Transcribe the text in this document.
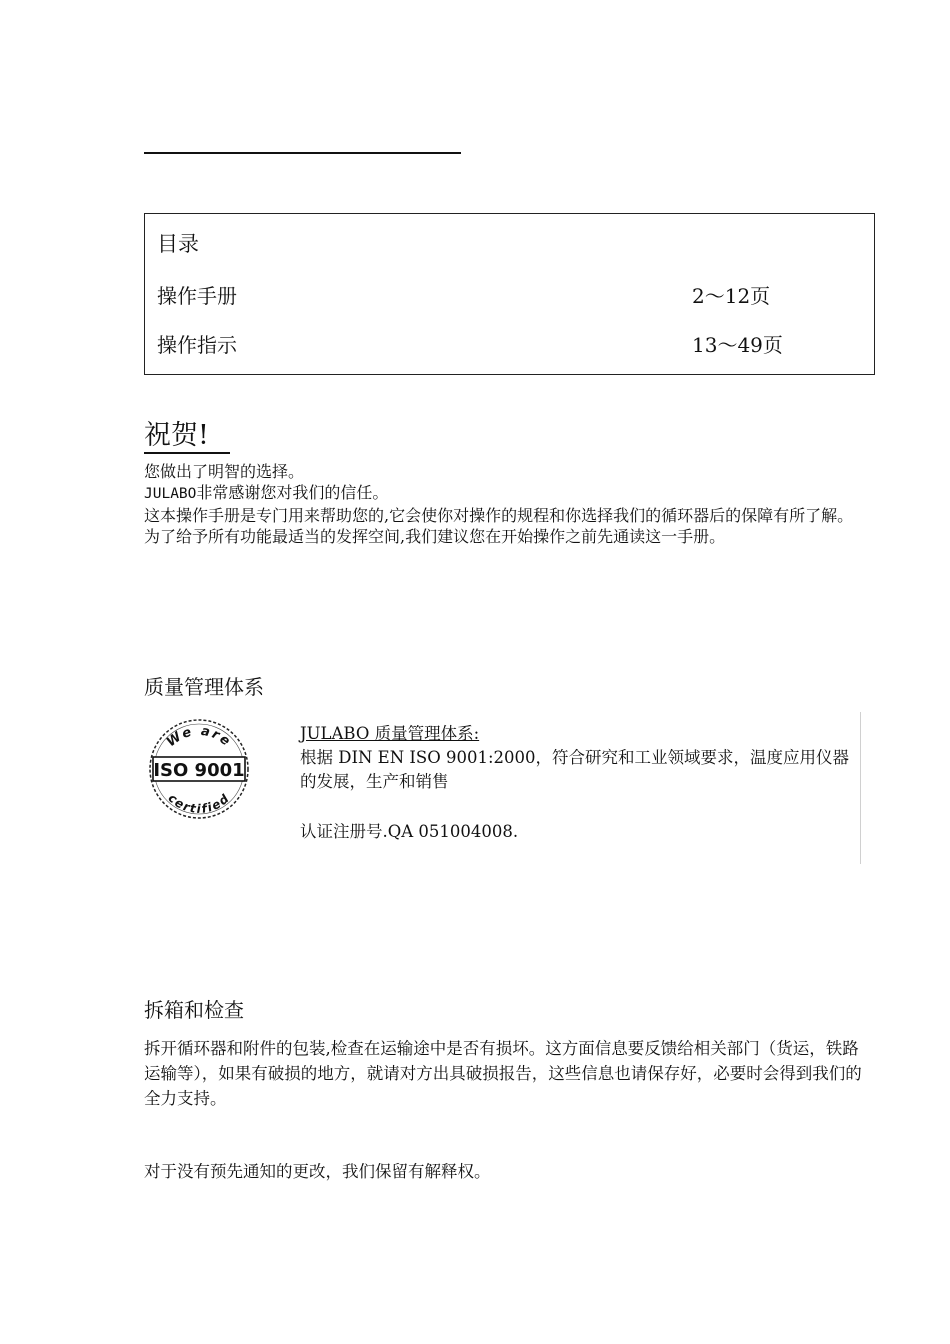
目录
操作手册	2～12页
操作指示	13～49页
祝贺!

您做出了明智的选择。

JULABO非常感谢您对我们的信任。

这本操作手册是专门用来帮助您的,它会使你对操作的规程和你选择我们的循环器后的保障有所了解。为了给予所有功能最适当的发挥空间,我们建议您在开始操作之前先通读这一手册。

质量管理体系
We are
ISO 9001
certified
JULABO 质量管理体系:
根据 DIN EN ISO 9001:2000，符合研究和工业领域要求，温度应用仪器的发展，生产和销售
认证注册号.QA 051004008.
拆箱和检查
拆开循环器和附件的包装,检查在运输途中是否有损坏。这方面信息要反馈给相关部门（货运，铁路运输等），如果有破损的地方，就请对方出具破损报告，这些信息也请保存好，必要时会得到我们的全力支持。
对于没有预先通知的更改，我们保留有解释权。
